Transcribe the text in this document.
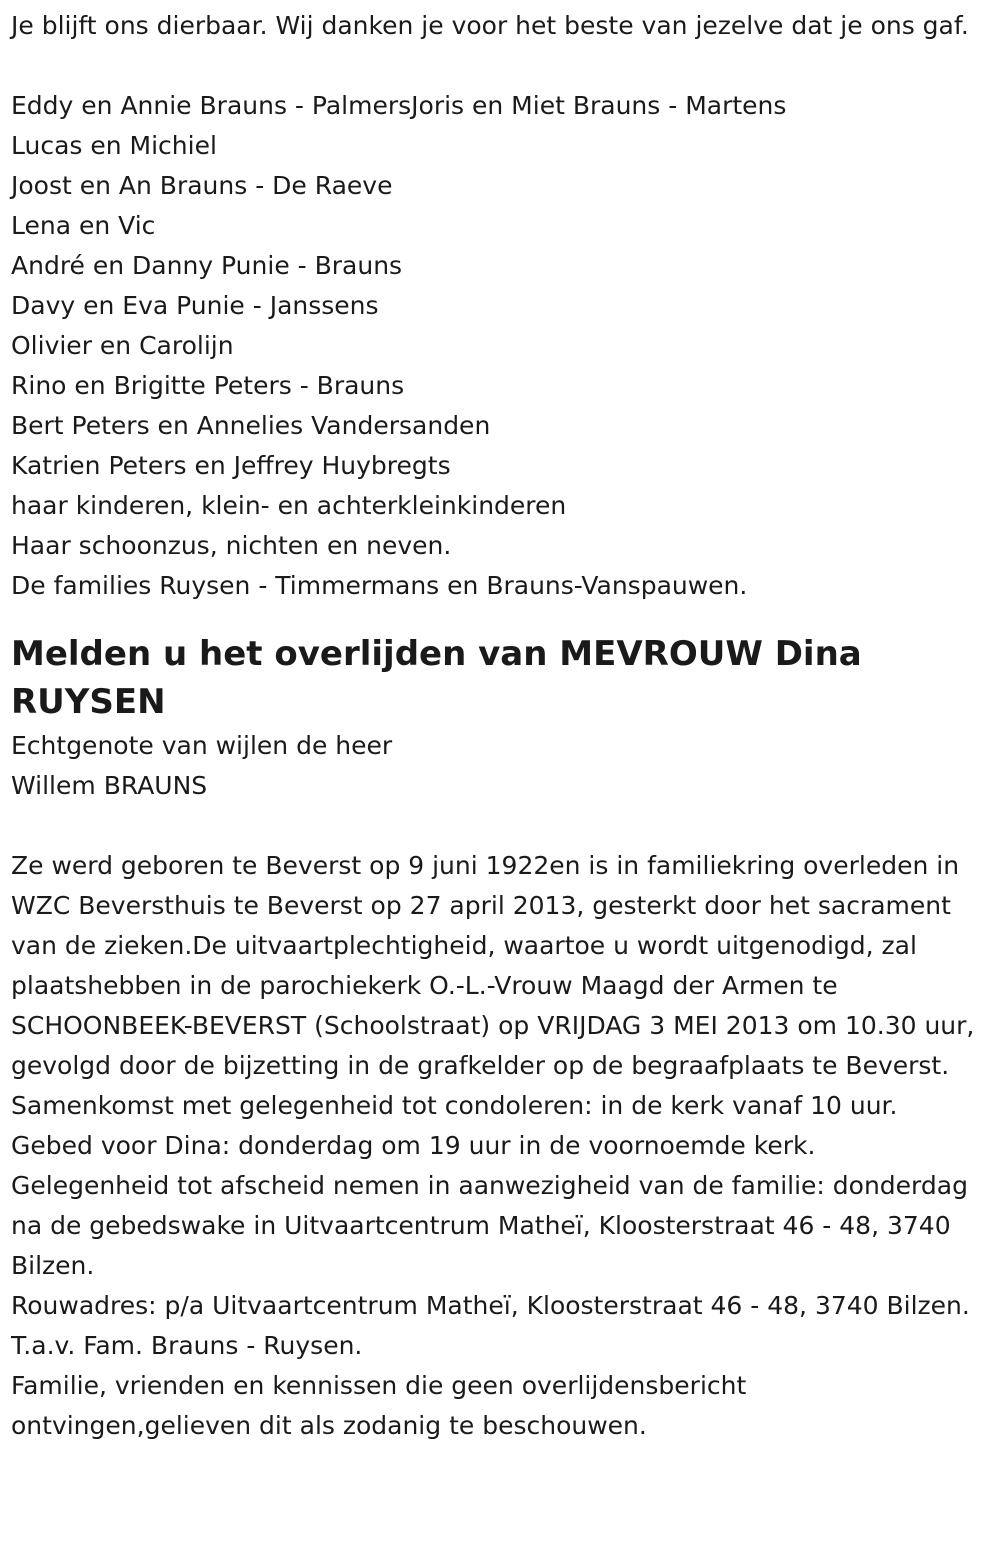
Je blijft ons dierbaar. Wij danken je voor het beste van jezelve dat je ons gaf.

Eddy en Annie Brauns - PalmersJoris en Miet Brauns - Martens
Lucas en Michiel
Joost en An Brauns - De Raeve
Lena en Vic
André en Danny Punie - Brauns
Davy en Eva Punie - Janssens
Olivier en Carolijn
Rino en Brigitte Peters - Brauns
Bert Peters en Annelies Vandersanden
Katrien Peters en Jeffrey Huybregts
haar kinderen, klein- en achterkleinkinderen
Haar schoonzus, nichten en neven.
De families Ruysen - Timmermans en Brauns-Vanspauwen.
Melden u het overlijden van MEVROUW Dina RUYSEN
Echtgenote van wijlen de heer
Willem BRAUNS

Ze werd geboren te Beverst op 9 juni 1922en is in familiekring overleden in WZC Beversthuis te Beverst op 27 april 2013, gesterkt door het sacrament van de zieken.De uitvaartplechtigheid, waartoe u wordt uitgenodigd, zal plaatshebben in de parochiekerk O.-L.-Vrouw Maagd der Armen te SCHOONBEEK-BEVERST (Schoolstraat) op VRIJDAG 3 MEI 2013 om 10.30 uur, gevolgd door de bijzetting in de grafkelder op de begraafplaats te Beverst.

Samenkomst met gelegenheid tot condoleren: in de kerk vanaf 10 uur.

Gebed voor Dina: donderdag om 19 uur in de voornoemde kerk.

Gelegenheid tot afscheid nemen in aanwezigheid van de familie: donderdag na de gebedswake in Uitvaartcentrum Matheï, Kloosterstraat 46 - 48, 3740 Bilzen.

Rouwadres: p/a Uitvaartcentrum Matheï, Kloosterstraat 46 - 48, 3740 Bilzen. T.a.v. Fam. Brauns - Ruysen.

Familie, vrienden en kennissen die geen overlijdensbericht ontvingen,gelieven dit als zodanig te beschouwen.
